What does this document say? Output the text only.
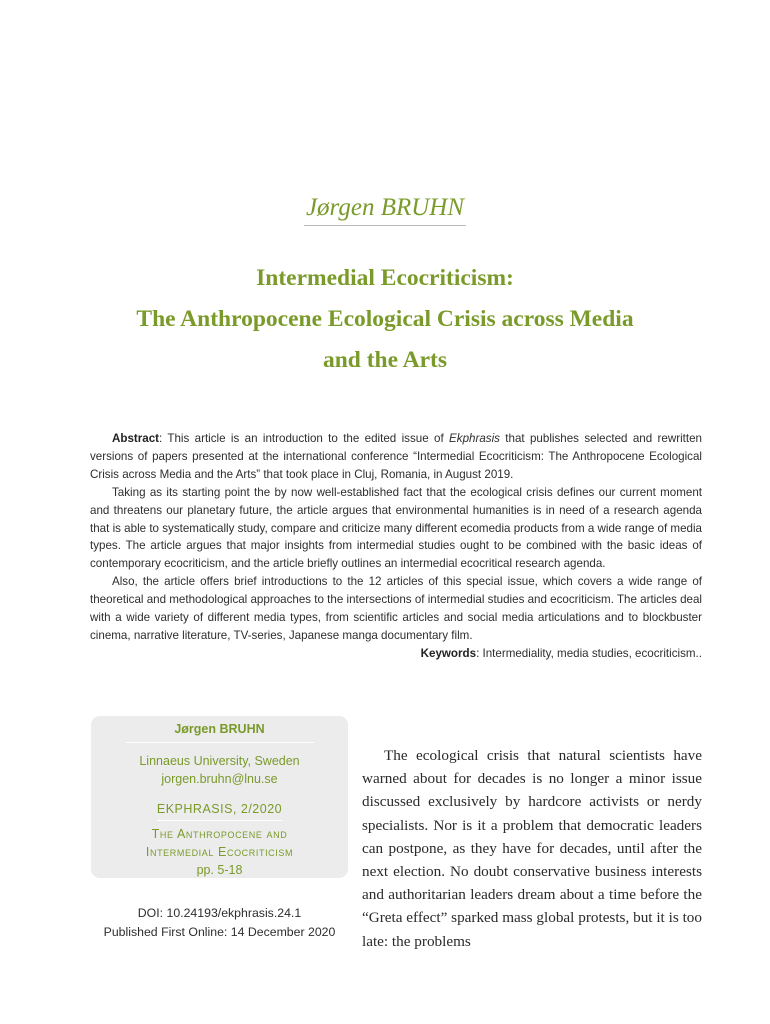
Jørgen BRUHN
Intermedial Ecocriticism:
The Anthropocene Ecological Crisis across Media
and the Arts

Abstract: This article is an introduction to the edited issue of Ekphrasis that publishes selected and rewritten versions of papers presented at the international conference “Intermedial Ecocriticism: The Anthropocene Ecological Crisis across Media and the Arts” that took place in Cluj, Romania, in August 2019.

Taking as its starting point the by now well-established fact that the ecological crisis defines our current moment and threatens our planetary future, the article argues that environmental humanities is in need of a research agenda that is able to systematically study, compare and criticize many different ecomedia products from a wide range of media types. The article argues that major insights from intermedial studies ought to be combined with the basic ideas of contemporary ecocriticism, and the article briefly outlines an intermedial ecocritical research agenda.

Also, the article offers brief introductions to the 12 articles of this special issue, which covers a wide range of theoretical and methodological approaches to the intersections of intermedial studies and ecocriticism. The articles deal with a wide variety of different media types, from scientific articles and social media articulations and to blockbuster cinema, narrative literature, TV-series, Japanese manga documentary film.

Keywords: Intermediality, media studies, ecocriticism..
Jørgen BRUHN
Linnaeus University, Sweden
jorgen.bruhn@lnu.se
EKPHRASIS, 2/2020
The Anthropocene and
Intermedial Ecocriticism
pp. 5-18
DOI: 10.24193/ekphrasis.24.1
Published First Online: 14 December 2020

The ecological crisis that natural scientists have warned about for decades is no longer a minor issue discussed exclusively by hardcore activists or nerdy specialists. Nor is it a problem that democratic leaders can postpone, as they have for decades, until after the next election. No doubt conservative business interests and authoritarian leaders dream about a time before the “Greta effect” sparked mass global protests, but it is too late: the problems
